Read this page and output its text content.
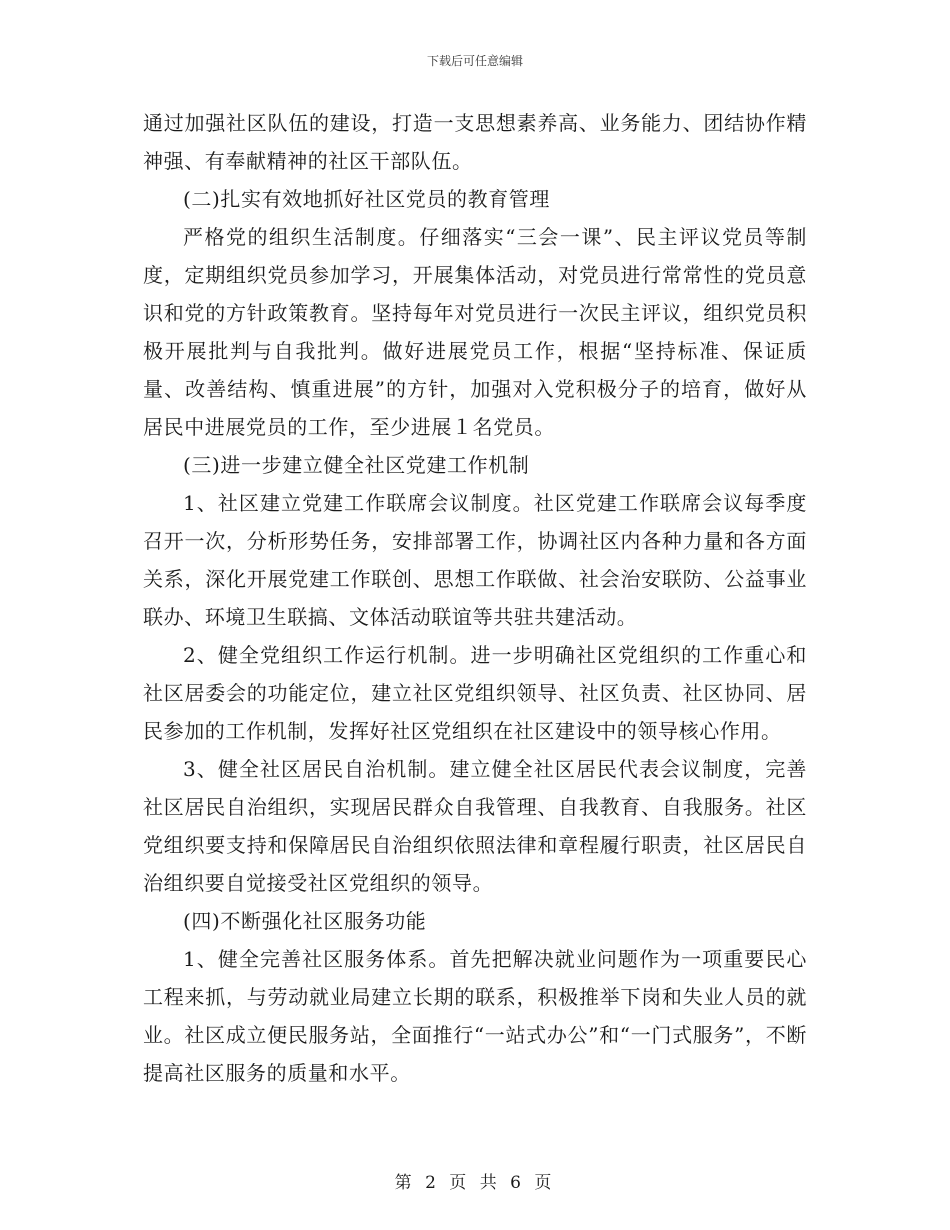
下载后可任意编辑

通过加强社区队伍的建设，打造一支思想素养高、业务能力、团结协作精神强、有奉献精神的社区干部队伍。

(二)扎实有效地抓好社区党员的教育管理

严格党的组织生活制度。仔细落实“三会一课”、民主评议党员等制度，定期组织党员参加学习，开展集体活动，对党员进行常常性的党员意识和党的方针政策教育。坚持每年对党员进行一次民主评议，组织党员积极开展批判与自我批判。做好进展党员工作，根据“坚持标准、保证质量、改善结构、慎重进展”的方针，加强对入党积极分子的培育，做好从居民中进展党员的工作，至少进展１名党员。

(三)进一步建立健全社区党建工作机制

1、社区建立党建工作联席会议制度。社区党建工作联席会议每季度召开一次，分析形势任务，安排部署工作，协调社区内各种力量和各方面关系，深化开展党建工作联创、思想工作联做、社会治安联防、公益事业联办、环境卫生联搞、文体活动联谊等共驻共建活动。

2、健全党组织工作运行机制。进一步明确社区党组织的工作重心和社区居委会的功能定位，建立社区党组织领导、社区负责、社区协同、居民参加的工作机制，发挥好社区党组织在社区建设中的领导核心作用。

3、健全社区居民自治机制。建立健全社区居民代表会议制度，完善社区居民自治组织，实现居民群众自我管理、自我教育、自我服务。社区党组织要支持和保障居民自治组织依照法律和章程履行职责，社区居民自治组织要自觉接受社区党组织的领导。

(四)不断强化社区服务功能

1、健全完善社区服务体系。首先把解决就业问题作为一项重要民心工程来抓，与劳动就业局建立长期的联系，积极推举下岗和失业人员的就业。社区成立便民服务站，全面推行“一站式办公”和“一门式服务”，不断提高社区服务的质量和水平。

第 2 页 共 6 页
